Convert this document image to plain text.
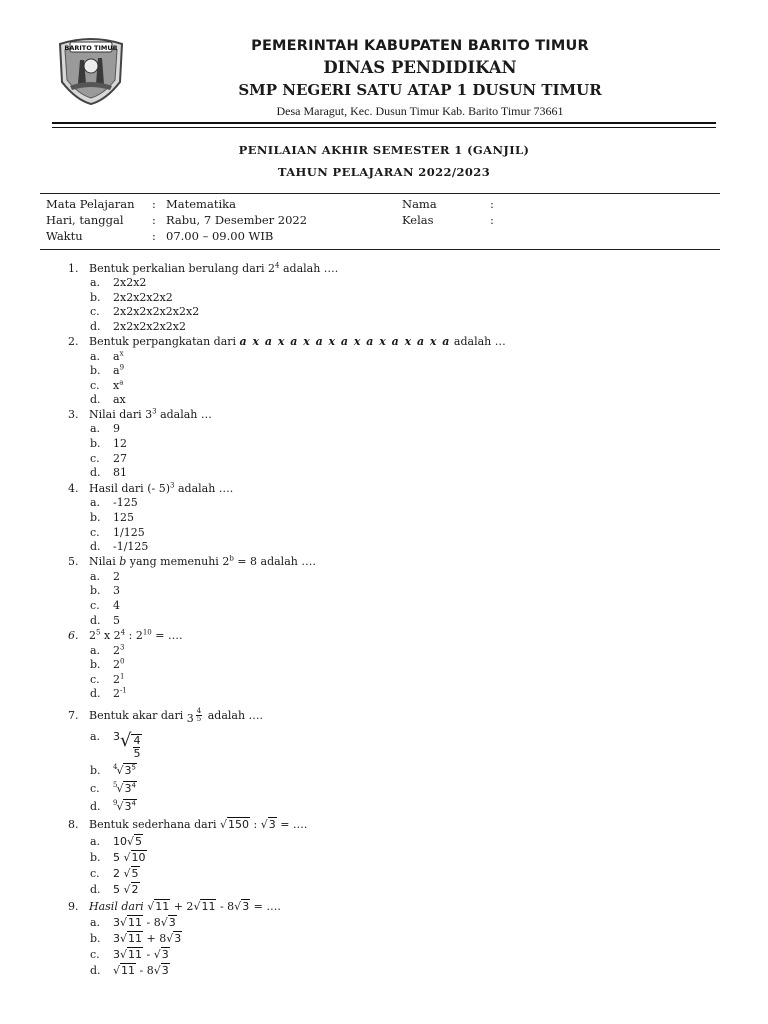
BARITO TIMUR	PEMERINTAH KABUPATEN BARITO TIMUR
DINAS PENDIDIKAN
SMP NEGERI SATU ATAP 1 DUSUN TIMUR
Desa Maragut, Kec. Dusun Timur Kab. Barito Timur 73661
PENILAIAN AKHIR SEMESTER 1 (GANJIL)
TAHUN PELAJARAN 2022/2023
Mata Pelajaran : Matematika	Nama	:
Hari, tanggal : Rabu, 7 Desember 2022	Kelas	:
Waktu	: 07.00 – 09.00 WIB
1. Bentuk perkalian berulang dari $2^4$ adalah ….
a. 2x2x2
b. 2x2x2x2x2
c. 2x2x2x2x2x2x2
d. 2x2x2x2x2x2
2. Bentuk perpangkatan dari a x a x a x a x a x a x a x a x a adalah …
a. $a^x$
b. $a^9$
c. $x^a$
d. ax
3. Nilai dari $3^3$ adalah …
a. 9
b. 12
c. 27
d. 81
4. Hasil dari (- 5)$^3$ adalah ….
a. -125
b. 125
c. 1/125
d. -1/125
5. Nilai b yang memenuhi $2^b = 8$ adalah ….
a. 2
b. 3
c. 4
d. 5
6. $2^5$ x $2^4$ : $2^{10}$ = ….
a. $2^3$
b. $2^0$
c. $2^1$
d. $2^{-1}$
7. Bentuk akar dari $3 \frac{4}{5}$ adalah ….
a. $3√ \frac{4}{5}$
b. $^4√3^5$
c. $^5√3^4$
d. $^9√3^4$
8. Bentuk sederhana dari √150 : √3 = ….
a. 10√5
b. 5 √10
c. 2 √5
d. 5 √2
9. Hasil dari √11 + 2√11 - 8√3 = ….
a. 3√11 - 8√3
b. 3√11 + 8√3
c. 3√11 - √3
d. √11 - 8√3
